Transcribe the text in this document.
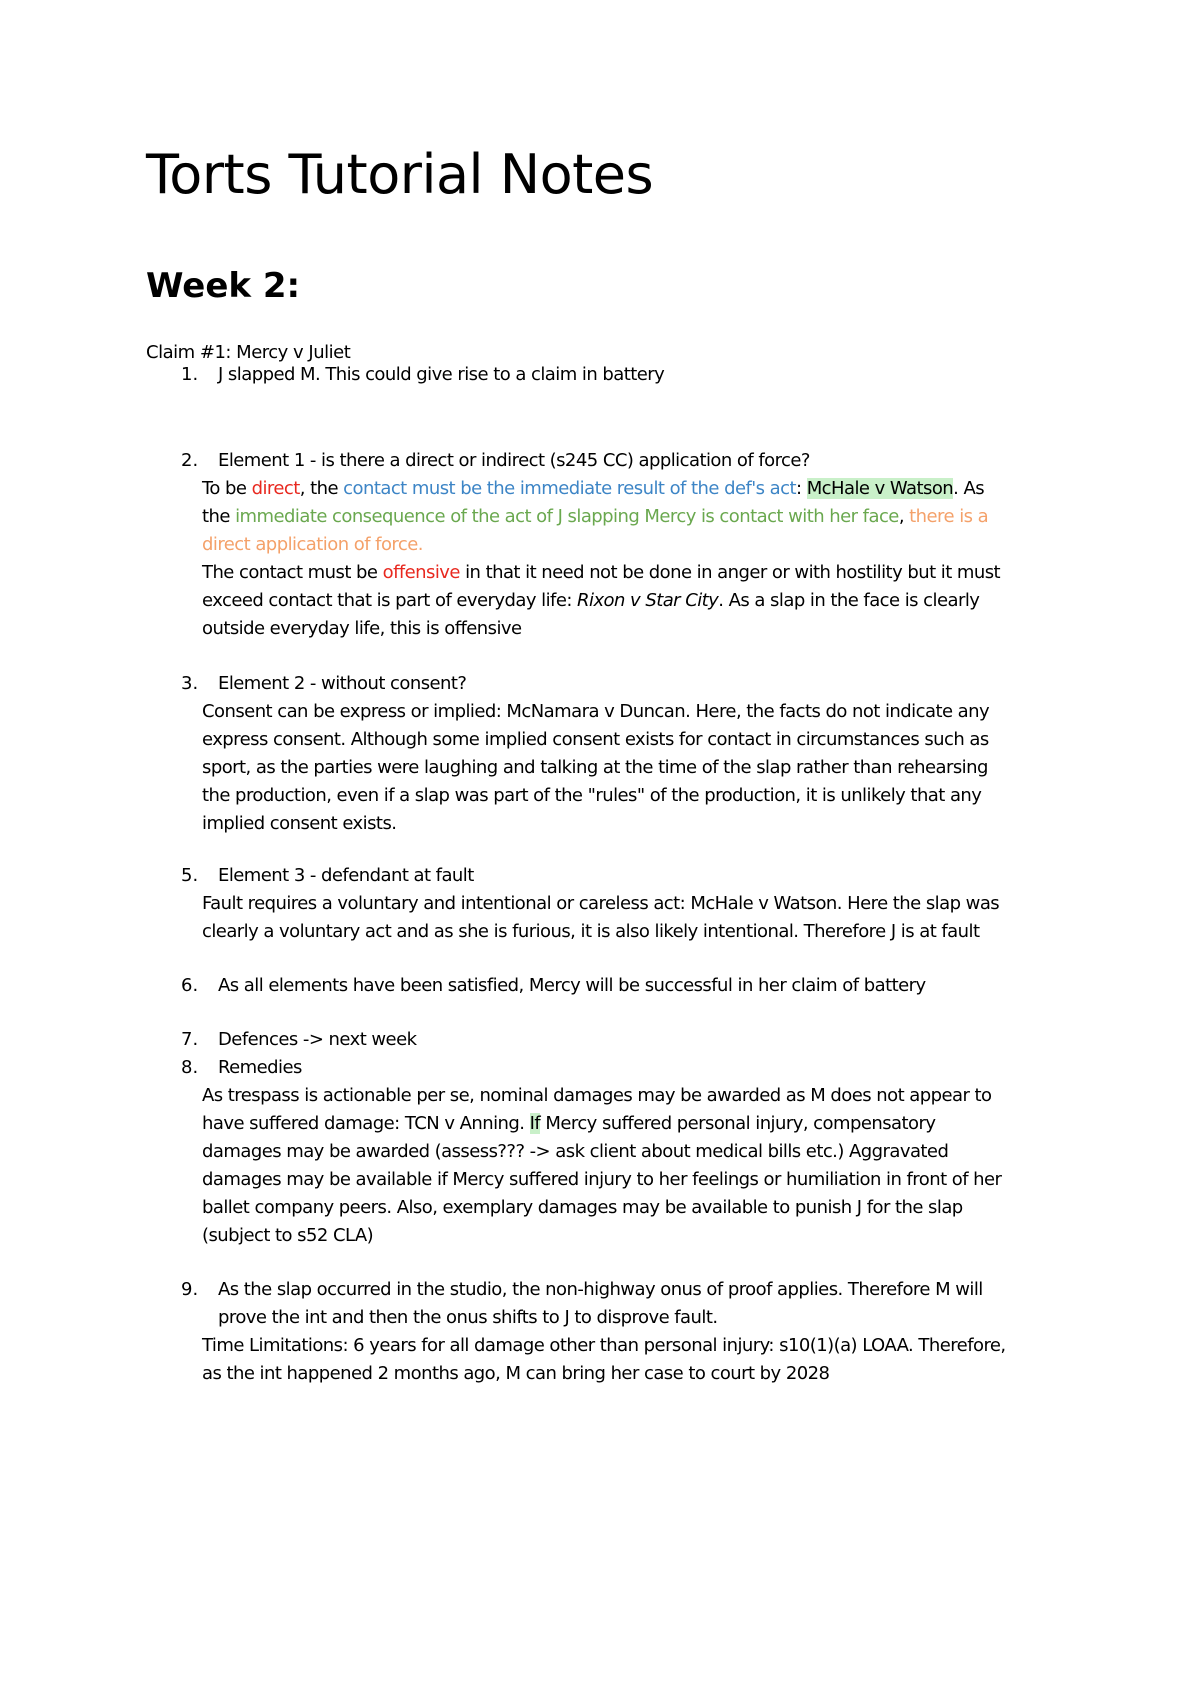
Torts Tutorial Notes
Week 2:
Claim #1: Mercy v Juliet
1. J slapped M. This could give rise to a claim in battery
2. Element 1 - is there a direct or indirect (s245 CC) application of force?
To be direct, the contact must be the immediate result of the def's act: McHale v Watson. As
the immediate consequence of the act of J slapping Mercy is contact with her face, there is a
direct application of force.
The contact must be offensive in that it need not be done in anger or with hostility but it must
exceed contact that is part of everyday life: Rixon v Star City. As a slap in the face is clearly
outside everyday life, this is offensive
3. Element 2 - without consent?
Consent can be express or implied: McNamara v Duncan. Here, the facts do not indicate any
express consent. Although some implied consent exists for contact in circumstances such as
sport, as the parties were laughing and talking at the time of the slap rather than rehearsing
the production, even if a slap was part of the "rules" of the production, it is unlikely that any
implied consent exists.
5. Element 3 - defendant at fault
Fault requires a voluntary and intentional or careless act: McHale v Watson. Here the slap was
clearly a voluntary act and as she is furious, it is also likely intentional. Therefore J is at fault
6. As all elements have been satisfied, Mercy will be successful in her claim of battery
7. Defences -> next week
8. Remedies
As trespass is actionable per se, nominal damages may be awarded as M does not appear to
have suffered damage: TCN v Anning. If Mercy suffered personal injury, compensatory
damages may be awarded (assess??? -> ask client about medical bills etc.) Aggravated
damages may be available if Mercy suffered injury to her feelings or humiliation in front of her
ballet company peers. Also, exemplary damages may be available to punish J for the slap
(subject to s52 CLA)
9. As the slap occurred in the studio, the non-highway onus of proof applies. Therefore M will
prove the int and then the onus shifts to J to disprove fault.
Time Limitations: 6 years for all damage other than personal injury: s10(1)(a) LOAA. Therefore,
as the int happened 2 months ago, M can bring her case to court by 2028
